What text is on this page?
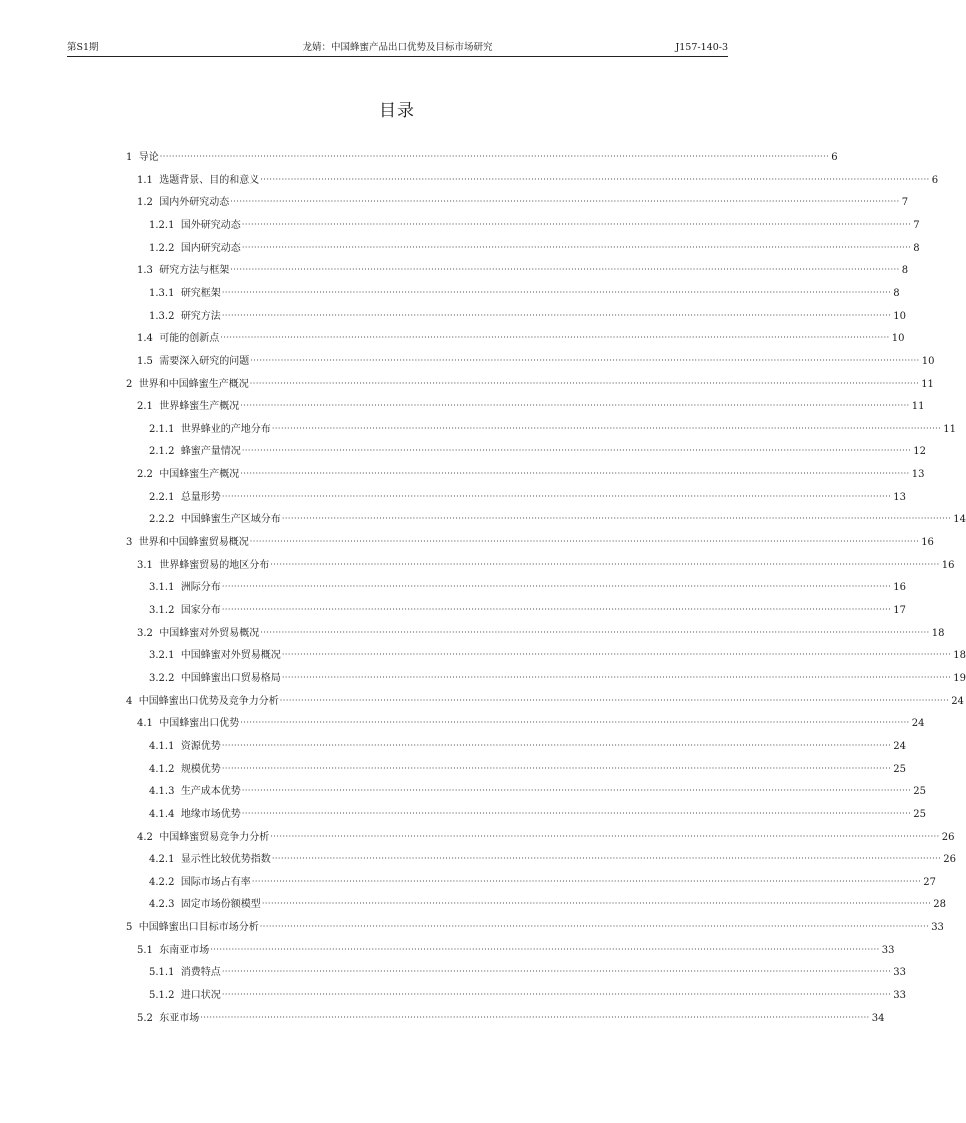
第S1期	龙婧：中国蜂蜜产品出口优势及目标市场研究	J157-140-3
目录
1 导论 ···························································································································································································································· 6
1.1 选题背景、目的和意义 ···························································································································································································································· 6
1.2 国内外研究动态 ···························································································································································································································· 7
1.2.1 国外研究动态 ···························································································································································································································· 7
1.2.2 国内研究动态 ···························································································································································································································· 8
1.3 研究方法与框架 ···························································································································································································································· 8
1.3.1 研究框架 ···························································································································································································································· 8
1.3.2 研究方法 ···························································································································································································································· 10
1.4 可能的创新点 ···························································································································································································································· 10
1.5 需要深入研究的问题 ···························································································································································································································· 10
2 世界和中国蜂蜜生产概况 ···························································································································································································································· 11
2.1 世界蜂蜜生产概况 ···························································································································································································································· 11
2.1.1 世界蜂业的产地分布 ···························································································································································································································· 11
2.1.2 蜂蜜产量情况 ···························································································································································································································· 12
2.2 中国蜂蜜生产概况 ···························································································································································································································· 13
2.2.1 总量形势 ···························································································································································································································· 13
2.2.2 中国蜂蜜生产区域分布 ···························································································································································································································· 14
3 世界和中国蜂蜜贸易概况 ···························································································································································································································· 16
3.1 世界蜂蜜贸易的地区分布 ···························································································································································································································· 16
3.1.1 洲际分布 ···························································································································································································································· 16
3.1.2 国家分布 ···························································································································································································································· 17
3.2 中国蜂蜜对外贸易概况 ···························································································································································································································· 18
3.2.1 中国蜂蜜对外贸易概况 ···························································································································································································································· 18
3.2.2 中国蜂蜜出口贸易格局 ···························································································································································································································· 19
4 中国蜂蜜出口优势及竞争力分析 ···························································································································································································································· 24
4.1 中国蜂蜜出口优势 ···························································································································································································································· 24
4.1.1 资源优势 ···························································································································································································································· 24
4.1.2 规模优势 ···························································································································································································································· 25
4.1.3 生产成本优势 ···························································································································································································································· 25
4.1.4 地缘市场优势 ···························································································································································································································· 25
4.2 中国蜂蜜贸易竞争力分析 ···························································································································································································································· 26
4.2.1 显示性比较优势指数 ···························································································································································································································· 26
4.2.2 国际市场占有率 ···························································································································································································································· 27
4.2.3 固定市场份额模型 ···························································································································································································································· 28
5 中国蜂蜜出口目标市场分析 ···························································································································································································································· 33
5.1 东南亚市场 ···························································································································································································································· 33
5.1.1 消费特点 ···························································································································································································································· 33
5.1.2 进口状况 ···························································································································································································································· 33
5.2 东亚市场 ···························································································································································································································· 34
